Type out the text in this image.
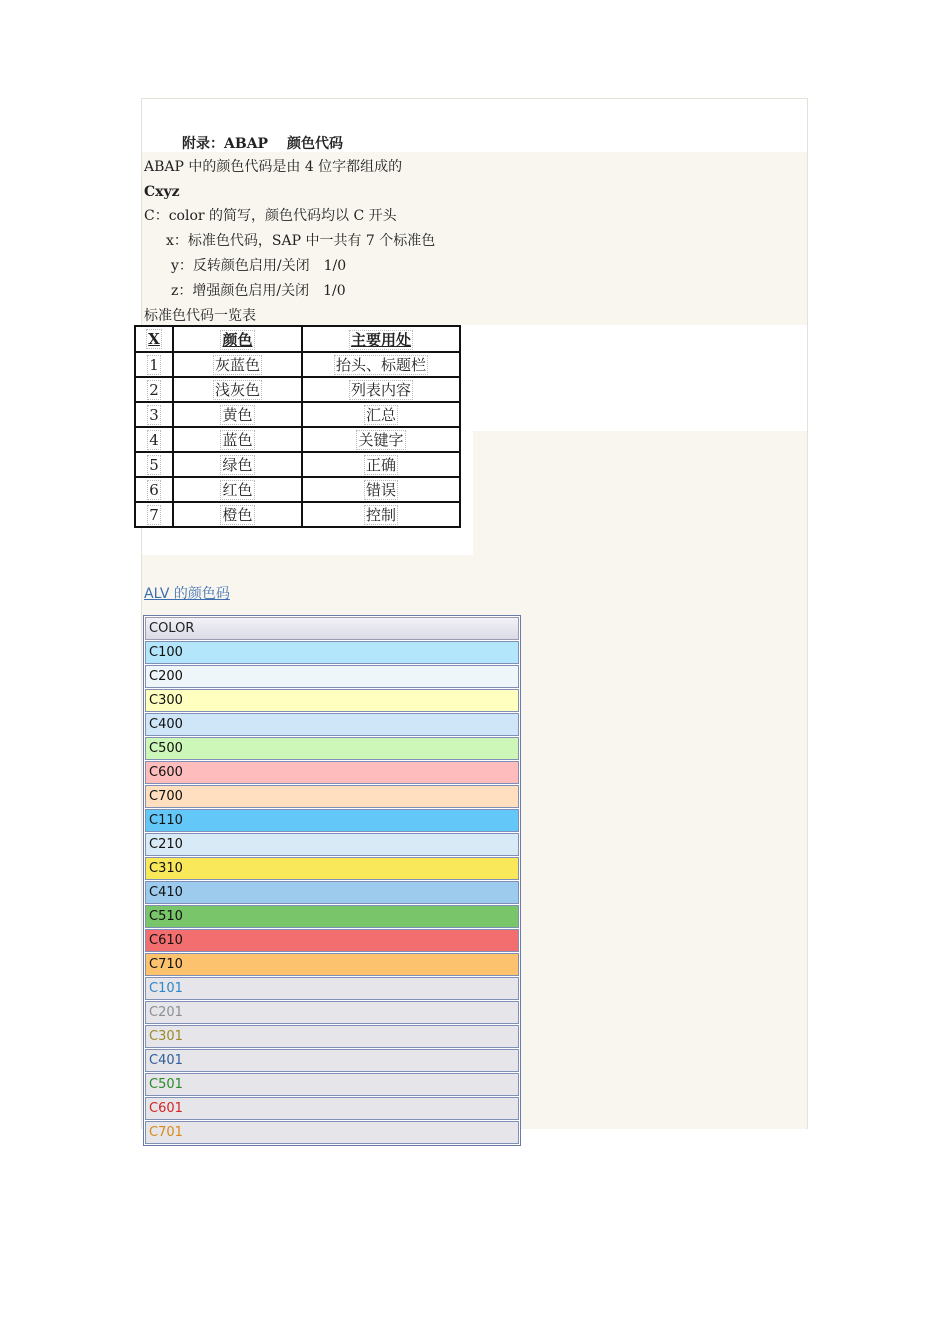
附录：ABAP　 颜色代码
ABAP 中的颜色代码是由 4 位字都组成的
Cxyz
C：color 的简写，颜色代码均以 C 开头
x：标准色代码，SAP 中一共有 7 个标准色
y：反转颜色启用/关闭　1/0
z：增强颜色启用/关闭　1/0
标准色代码一览表
X	颜色	主要用处
1	灰蓝色	抬头、标题栏
2	浅灰色	列表内容
3	黄色	汇总
4	蓝色	关键字
5	绿色	正确
6	红色	错误
7	橙色	控制
ALV 的颜色码
COLOR
C100
C200
C300
C400
C500
C600
C700
C110
C210
C310
C410
C510
C610
C710
C101
C201
C301
C401
C501
C601
C701
